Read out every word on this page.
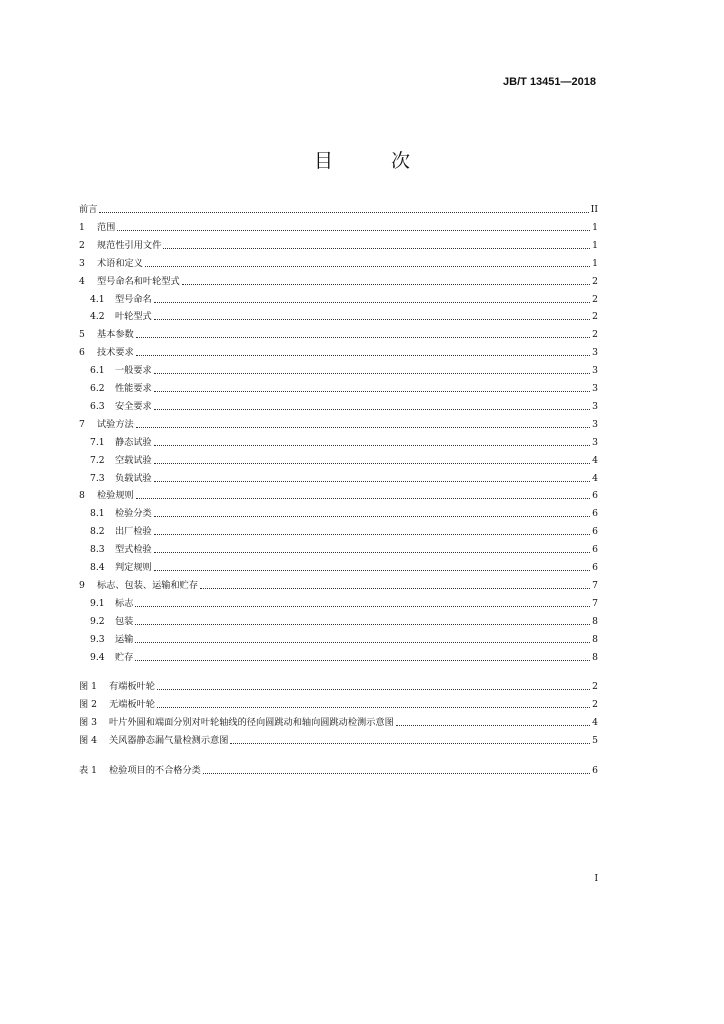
JB/T 13451—2018
目 次
前言	II
1	范围	1
2	规范性引用文件	1
3	术语和定义	1
4	型号命名和叶轮型式	2
4.1	型号命名	2
4.2	叶轮型式	2
5	基本参数	2
6	技术要求	3
6.1	一般要求	3
6.2	性能要求	3
6.3	安全要求	3
7	试验方法	3
7.1	静态试验	3
7.2	空载试验	4
7.3	负载试验	4
8	检验规则	6
8.1	检验分类	6
8.2	出厂检验	6
8.3	型式检验	6
8.4	判定规则	6
9	标志、包装、运输和贮存	7
9.1	标志	7
9.2	包装	8
9.3	运输	8
9.4	贮存	8
图 1	有端板叶轮	2
图 2	无端板叶轮	2
图 3	叶片外圆和端面分别对叶轮轴线的径向圆跳动和轴向圆跳动检测示意图	4
图 4	关风器静态漏气量检测示意图	5
表 1	检验项目的不合格分类	6
I
